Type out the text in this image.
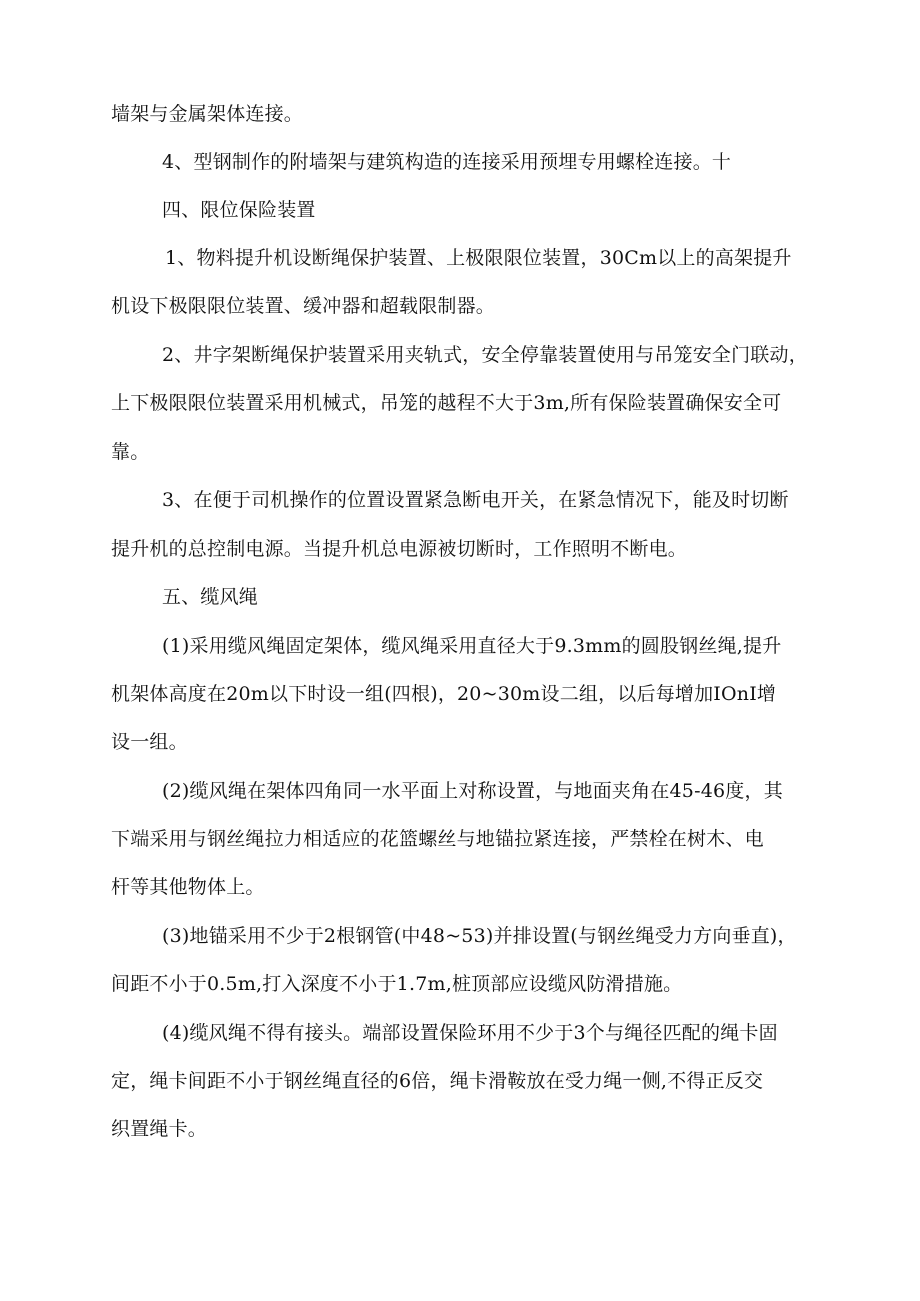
墙架与金属架体连接。
4、型钢制作的附墙架与建筑构造的连接采用预埋专用螺栓连接。十
四、限位保险装置
1、物料提升机设断绳保护装置、上极限限位装置，30Cm以上的高架提升
机设下极限限位装置、缓冲器和超载限制器。
2、井字架断绳保护装置采用夹轨式，安全停靠装置使用与吊笼安全门联动，
上下极限限位装置采用机械式，吊笼的越程不大于3m,所有保险装置确保安全可
靠。
3、在便于司机操作的位置设置紧急断电开关，在紧急情况下，能及时切断
提升机的总控制电源。当提升机总电源被切断时，工作照明不断电。
五、缆风绳
(1)采用缆风绳固定架体，缆风绳采用直径大于9.3mm的圆股钢丝绳,提升
机架体高度在20m以下时设一组(四根)，20~30m设二组，以后每增加IOnI增
设一组。
(2)缆风绳在架体四角同一水平面上对称设置，与地面夹角在45-46度，其
下端采用与钢丝绳拉力相适应的花篮螺丝与地锚拉紧连接，严禁栓在树木、电
杆等其他物体上。
(3)地锚采用不少于2根钢管(中48~53)并排设置(与钢丝绳受力方向垂直)，
间距不小于0.5m,打入深度不小于1.7m,桩顶部应设缆风防滑措施。
(4)缆风绳不得有接头。端部设置保险环用不少于3个与绳径匹配的绳卡固
定，绳卡间距不小于钢丝绳直径的6倍，绳卡滑鞍放在受力绳一侧,不得正反交
织置绳卡。
